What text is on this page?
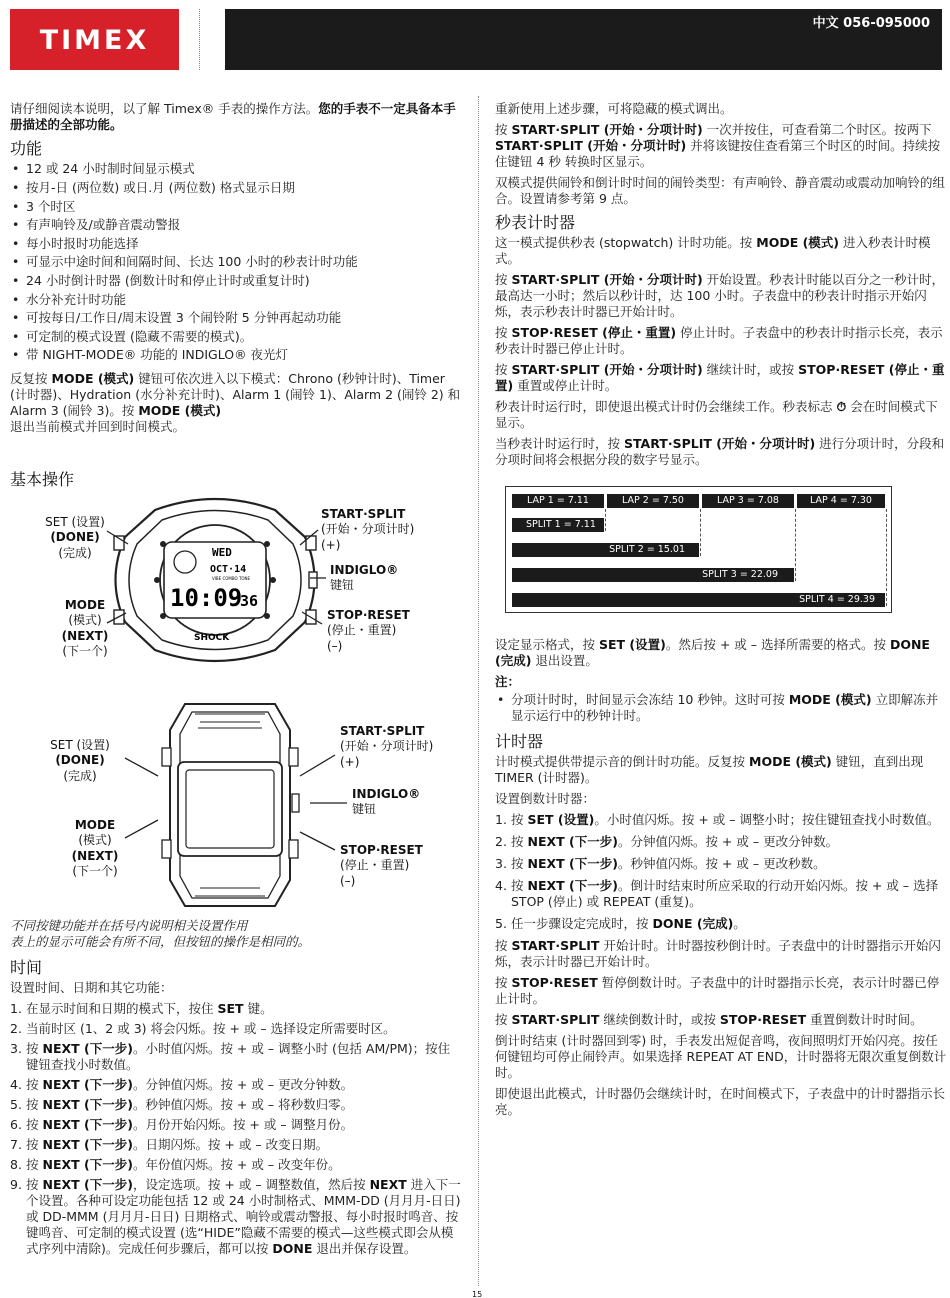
TIMEX
中文 056-095000

请仔细阅读本说明，以了解 Timex® 手表的操作方法。您的手表不一定具备本手册描述的全部功能。

功能
• 12 或 24 小时制时间显示模式
• 按月-日 (两位数) 或日.月 (两位数) 格式显示日期
• 3 个时区
• 有声响铃及/或静音震动警报
• 每小时报时功能选择
• 可显示中途时间和间隔时间、长达 100 小时的秒表计时功能
• 24 小时倒计时器 (倒数计时和停止计时或重复计时)
• 水分补充计时功能
• 可按每日/工作日/周末设置 3 个闹铃附 5 分钟再起动功能
• 可定制的模式设置 (隐藏不需要的模式)。
• 带 NIGHT-MODE® 功能的 INDIGLO® 夜光灯

反复按 MODE (模式) 键钮可依次进入以下模式：Chrono (秒钟计时)、Timer (计时器)、Hydration (水分补充计时)、Alarm 1 (闹铃 1)、Alarm 2 (闹铃 2) 和 Alarm 3 (闹铃 3)。按 MODE (模式)
退出当前模式并回到时间模式。

基本操作
WED
OCT·14
VIBE COMBO TONE
10:09
36
SHOCK
SET (设置)
(DONE)
(完成)
MODE
(模式)
(NEXT)
(下一个)
START·SPLIT
(开始・分项计时)
(+)
INDIGLO®
键钮
STOP·RESET
(停止・重置)
(–)
SET (设置)
(DONE)
(完成)
MODE
(模式)
(NEXT)
(下一个)
START·SPLIT
(开始・分项计时)
(+)
INDIGLO®
键钮
STOP·RESET
(停止・重置)
(–)

不同按键功能并在括号内说明相关设置作用
表上的显示可能会有所不同，但按钮的操作是相同的。

时间

设置时间、日期和其它功能：

1. 在显示时间和日期的模式下，按住 SET 键。
2. 当前时区 (1、2 或 3) 将会闪烁。按 + 或 – 选择设定所需要时区。
3. 按 NEXT (下一步)。小时值闪烁。按 + 或 – 调整小时 (包括 AM/PM)；按住键钮查找小时数值。
4. 按 NEXT (下一步)。分钟值闪烁。按 + 或 – 更改分钟数。
5. 按 NEXT (下一步)。秒钟值闪烁。按 + 或 – 将秒数归零。
6. 按 NEXT (下一步)。月份开始闪烁。按 + 或 – 调整月份。
7. 按 NEXT (下一步)。日期闪烁。按 + 或 – 改变日期。
8. 按 NEXT (下一步)。年份值闪烁。按 + 或 – 改变年份。
9. 按 NEXT (下一步)，设定选项。按 + 或 – 调整数值，然后按 NEXT 进入下一个设置。各种可设定功能包括 12 或 24 小时制格式、MMM-DD (月月月-日日) 或 DD-MMM (月月月-日日) 日期格式、响铃或震动警报、每小时报时鸣音、按键鸣音、可定制的模式设置 (选“HIDE”隐藏不需要的模式—这些模式即会从模式序列中清除)。完成任何步骤后，都可以按 DONE 退出并保存设置。

重新使用上述步骤，可将隐藏的模式调出。

按 START·SPLIT (开始・分项计时) 一次并按住，可查看第二个时区。按两下 START·SPLIT (开始・分项计时) 并将该键按住查看第三个时区的时间。持续按住键钮 4 秒 转换时区显示。

双模式提供闹铃和倒计时时间的闹铃类型：有声响铃、静音震动或震动加响铃的组合。设置请参考第 9 点。

秒表计时器

这一模式提供秒表 (stopwatch) 计时功能。按 MODE (模式) 进入秒表计时模式。

按 START·SPLIT (开始・分项计时) 开始设置。秒表计时能以百分之一秒计时，最高达一小时；然后以秒计时，达 100 小时。子表盘中的秒表计时指示开始闪烁，表示秒表计时器已开始计时。

按 STOP·RESET (停止・重置) 停止计时。子表盘中的秒表计时指示长亮，表示秒表计时器已停止计时。

按 START·SPLIT (开始・分项计时) 继续计时，或按 STOP·RESET (停止・重置) 重置或停止计时。

秒表计时运行时，即使退出模式计时仍会继续工作。秒表标志 ⏱ 会在时间模式下显示。

当秒表计时运行时，按 START·SPLIT (开始・分项计时) 进行分项计时，分段和分项时间将会根据分段的数字号显示。

LAP 1 = 7.11	LAP 2 = 7.50	LAP 3 = 7.08	LAP 4 = 7.30
SPLIT 1 = 7.11
SPLIT 2 = 15.01
SPLIT 3 = 22.09
SPLIT 4 = 29.39

设定显示格式，按 SET (设置)。然后按 + 或 – 选择所需要的格式。按 DONE (完成) 退出设置。

注：

• 分项计时时，时间显示会冻结 10 秒钟。这时可按 MODE (模式) 立即解冻并显示运行中的秒钟计时。
计时器

计时模式提供带提示音的倒计时功能。反复按 MODE (模式) 键钮，直到出现 TIMER (计时器)。

设置倒数计时器：

1. 按 SET (设置)。小时值闪烁。按 + 或 – 调整小时；按住键钮查找小时数值。
2. 按 NEXT (下一步)。分钟值闪烁。按 + 或 – 更改分钟数。
3. 按 NEXT (下一步)。秒钟值闪烁。按 + 或 – 更改秒数。
4. 按 NEXT (下一步)。倒计时结束时所应采取的行动开始闪烁。按 + 或 – 选择 STOP (停止) 或 REPEAT (重复)。
5. 任一步骤设定完成时，按 DONE (完成)。

按 START·SPLIT 开始计时。计时器按秒倒计时。子表盘中的计时器指示开始闪烁，表示计时器已开始计时。

按 STOP·RESET 暂停倒数计时。子表盘中的计时器指示长亮，表示计时器已停止计时。

按 START·SPLIT 继续倒数计时，或按 STOP·RESET 重置倒数计时时间。

倒计时结束 (计时器回到零) 时，手表发出短促音鸣，夜间照明灯开始闪亮。按任何键钮均可停止闹铃声。如果选择 REPEAT AT END，计时器将无限次重复倒数计时。

即使退出此模式，计时器仍会继续计时，在时间模式下，子表盘中的计时器指示长亮。

15
